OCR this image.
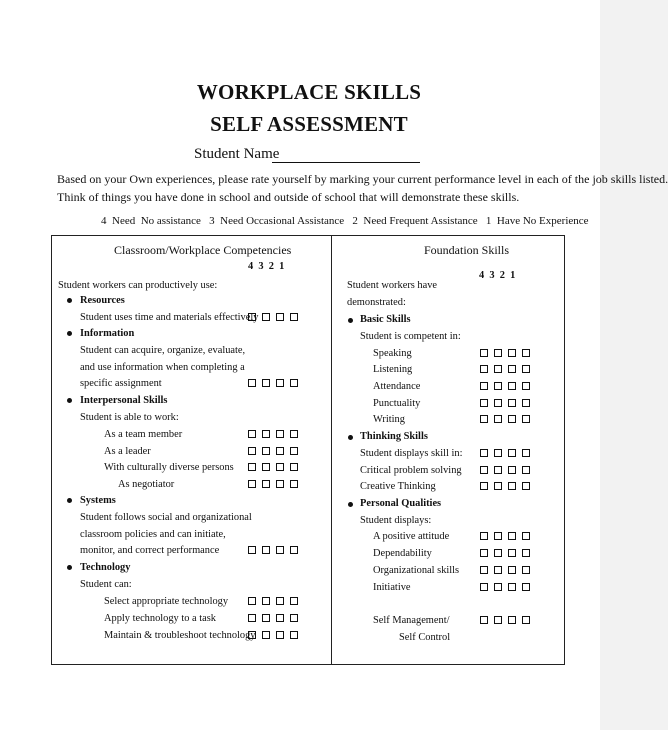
WORKPLACE SKILLS
SELF ASSESSMENT
Student Name
Based on your Own experiences, please rate yourself by marking your current performance level in each of the job skills listed.
Think of things you have done in school and outside of school that will demonstrate these skills.
4  Need  No assistance   3  Need Occasional Assistance   2  Need Frequent Assistance   1  Have No Experience
Classroom/Workplace Competencies
4  3  2  1
Student workers can productively use:
Resources
Student uses time and materials effectively
Information
Student can acquire, organize, evaluate,
and use information when completing a
specific assignment
Interpersonal Skills
Student is able to work:
As a team member
As a leader
With culturally diverse persons
As negotiator
Systems
Student follows social and organizational
classroom policies and can initiate,
monitor, and correct performance
Technology
Student can:
Select appropriate technology
Apply technology to a task
Maintain & troubleshoot technology
Foundation Skills
4  3  2  1
Student workers have
demonstrated:
Basic Skills
Student is competent in:
Speaking
Listening
Attendance
Punctuality
Writing
Thinking Skills
Student displays skill in:
Critical problem solving
Creative Thinking
Personal Qualities
Student displays:
A positive attitude
Dependability
Organizational skills
Initiative
Self Management/
Self Control
